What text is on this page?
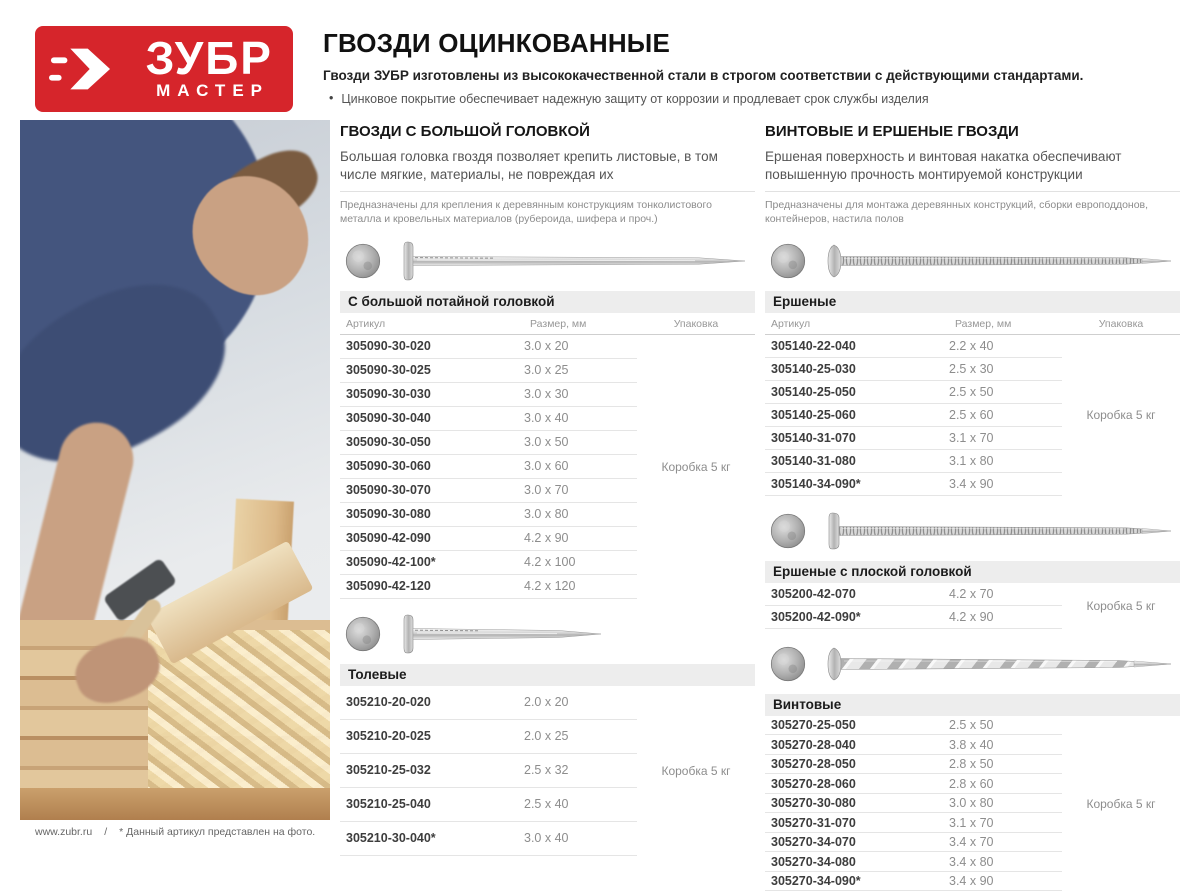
ЗУБР
МАСТЕР
ГВОЗДИ ОЦИНКОВАННЫЕ

Гвозди ЗУБР изготовлены из высококачественной стали в строгом соответствии с действующими стандартами.

• Цинковое покрытие обеспечивает надежную защиту от коррозии и продлевает срок службы изделия
ГВОЗДИ С БОЛЬШОЙ ГОЛОВКОЙ

Большая головка гвоздя позволяет крепить листовые, в том числе мягкие, материалы, не повреждая их

Предназначены для крепления к деревянным конструкциям тонколистового металла и кровельных материалов (рубероида, шифера и проч.)

С большой потайной головкой
Артикул	Размер, мм	Упаковка
305090-30-020	3.0 x 20
305090-30-025	3.0 x 25
305090-30-030	3.0 x 30
305090-30-040	3.0 x 40
305090-30-050	3.0 x 50
305090-30-060	3.0 x 60
305090-30-070	3.0 x 70
305090-30-080	3.0 x 80
305090-42-090	4.2 x 90
305090-42-100*	4.2 x 100
305090-42-120	4.2 x 120
Коробка 5 кг
Толевые
305210-20-020	2.0 x 20
305210-20-025	2.0 x 25
305210-25-032	2.5 x 32
305210-25-040	2.5 x 40
305210-30-040*	3.0 x 40
Коробка 5 кг
ВИНТОВЫЕ И ЕРШЕНЫЕ ГВОЗДИ

Ершеная поверхность и винтовая накатка обеспечивают повышенную прочность монтируемой конструкции

Предназначены для монтажа деревянных конструкций, сборки европоддонов, контейнеров, настила полов

Ершеные
Артикул	Размер, мм	Упаковка
305140-22-040	2.2 x 40
305140-25-030	2.5 x 30
305140-25-050	2.5 x 50
305140-25-060	2.5 x 60
305140-31-070	3.1 x 70
305140-31-080	3.1 x 80
305140-34-090*	3.4 x 90
Коробка 5 кг
Ершеные с плоской головкой
305200-42-070	4.2 x 70
305200-42-090*	4.2 x 90
Коробка 5 кг
Винтовые
305270-25-050	2.5 x 50
305270-28-040	3.8 x 40
305270-28-050	2.8 x 50
305270-28-060	2.8 x 60
305270-30-080	3.0 x 80
305270-31-070	3.1 x 70
305270-34-070	3.4 x 70
305270-34-080	3.4 x 80
305270-34-090*	3.4 x 90
Коробка 5 кг
www.zubr.ru / * Данный артикул представлен на фото.
